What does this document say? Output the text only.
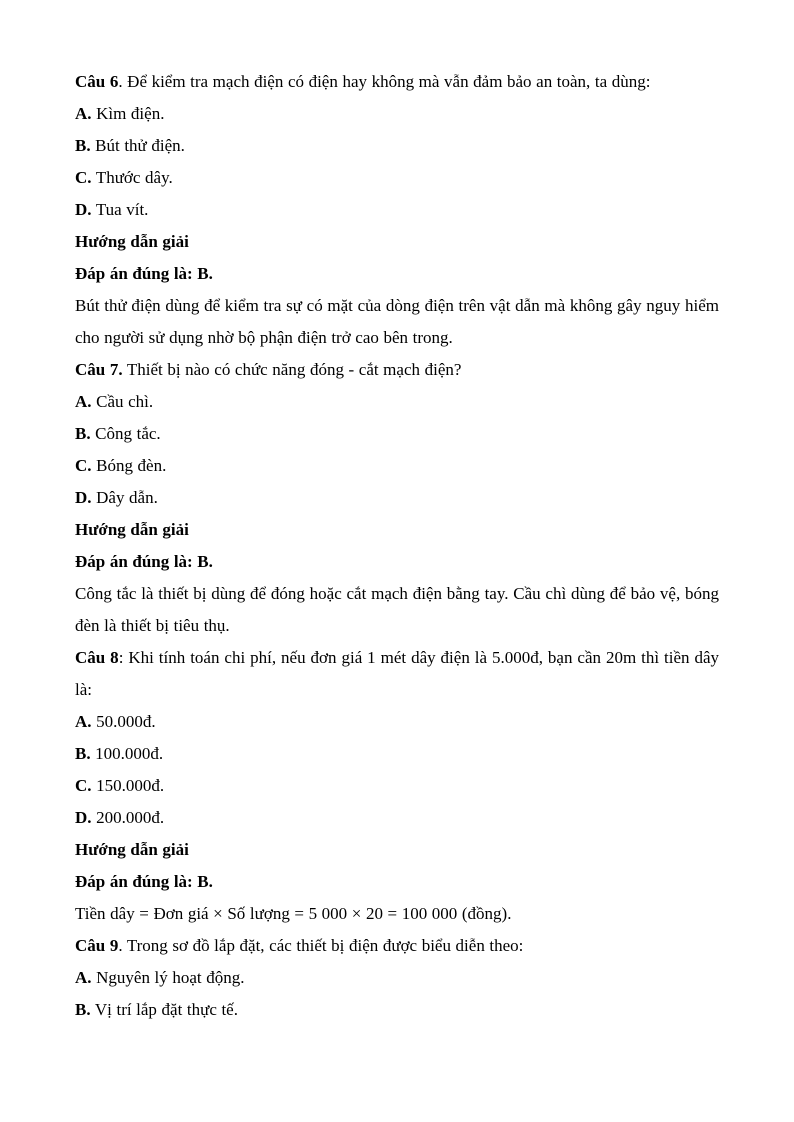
Câu 6. Để kiểm tra mạch điện có điện hay không mà vẫn đảm bảo an toàn, ta dùng:

A. Kìm điện.

B. Bút thử điện.

C. Thước dây.

D. Tua vít.

Hướng dẫn giải

Đáp án đúng là: B.

Bút thử điện dùng để kiểm tra sự có mặt của dòng điện trên vật dẫn mà không gây nguy hiểm cho người sử dụng nhờ bộ phận điện trở cao bên trong.

Câu 7. Thiết bị nào có chức năng đóng - cắt mạch điện?

A. Cầu chì.

B. Công tắc.

C. Bóng đèn.

D. Dây dẫn.

Hướng dẫn giải

Đáp án đúng là: B.

Công tắc là thiết bị dùng để đóng hoặc cắt mạch điện bằng tay. Cầu chì dùng để bảo vệ, bóng đèn là thiết bị tiêu thụ.

Câu 8: Khi tính toán chi phí, nếu đơn giá 1 mét dây điện là 5.000đ, bạn cần 20m thì tiền dây là:

A. 50.000đ.

B. 100.000đ.

C. 150.000đ.

D. 200.000đ.

Hướng dẫn giải

Đáp án đúng là: B.

Tiền dây = Đơn giá × Số lượng = 5 000 × 20 = 100 000 (đồng).

Câu 9. Trong sơ đồ lắp đặt, các thiết bị điện được biểu diễn theo:

A. Nguyên lý hoạt động.

B. Vị trí lắp đặt thực tế.
